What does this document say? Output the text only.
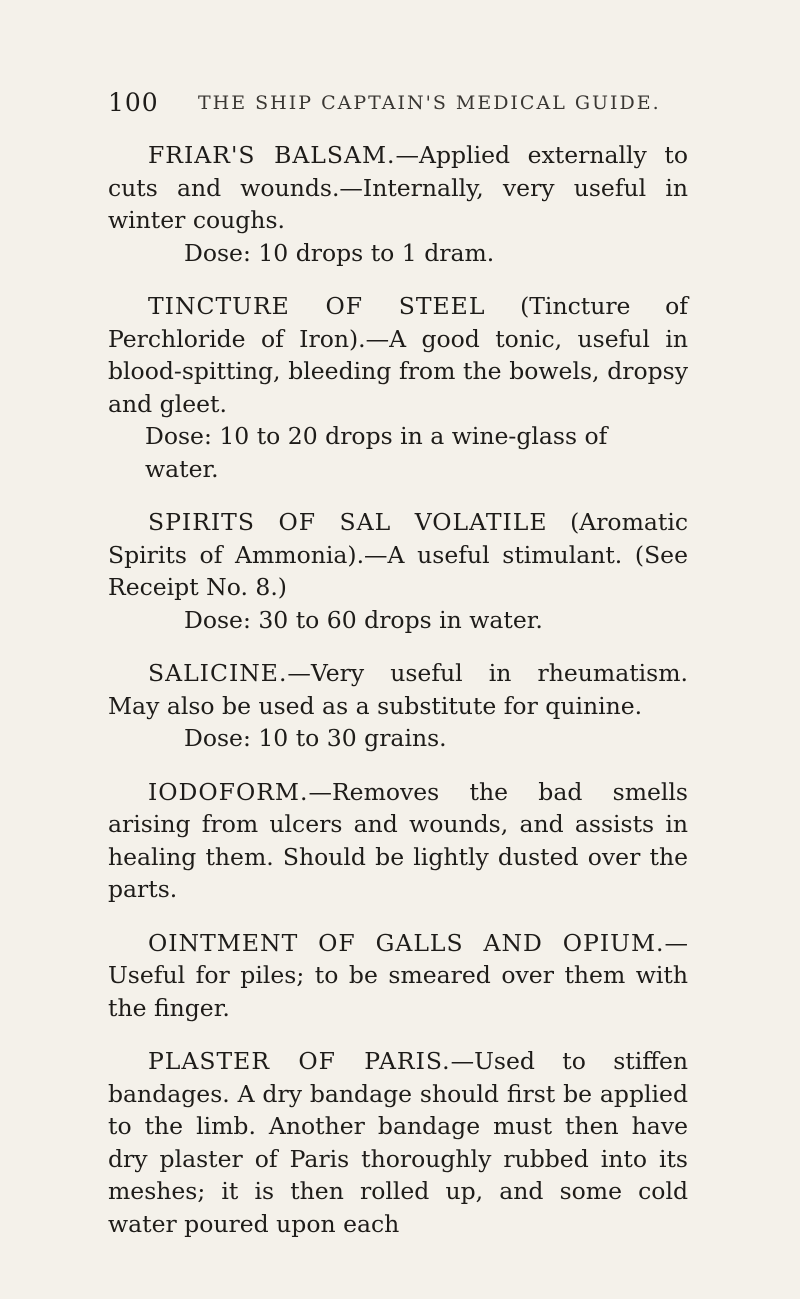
100 THE SHIP CAPTAIN'S MEDICAL GUIDE.

FRIAR'S BALSAM.—Applied externally to cuts and wounds.—Internally, very useful in winter coughs.
Dose: 10 drops to 1 dram.

TINCTURE OF STEEL (Tincture of Perchloride of Iron).—A good tonic, useful in blood-spitting, bleeding from the bowels, dropsy and gleet.
Dose: 10 to 20 drops in a wine-glass of water.

SPIRITS OF SAL VOLATILE (Aromatic Spirits of Ammonia).—A useful stimulant. (See Receipt No. 8.)
Dose: 30 to 60 drops in water.

SALICINE.—Very useful in rheumatism. May also be used as a substitute for quinine.
Dose: 10 to 30 grains.

IODOFORM.—Removes the bad smells arising from ulcers and wounds, and assists in healing them. Should be lightly dusted over the parts.

OINTMENT OF GALLS AND OPIUM.—Useful for piles; to be smeared over them with the finger.

PLASTER OF PARIS.—Used to stiffen bandages. A dry bandage should first be applied to the limb. Another bandage must then have dry plaster of Paris thoroughly rubbed into its meshes; it is then rolled up, and some cold water poured upon each
